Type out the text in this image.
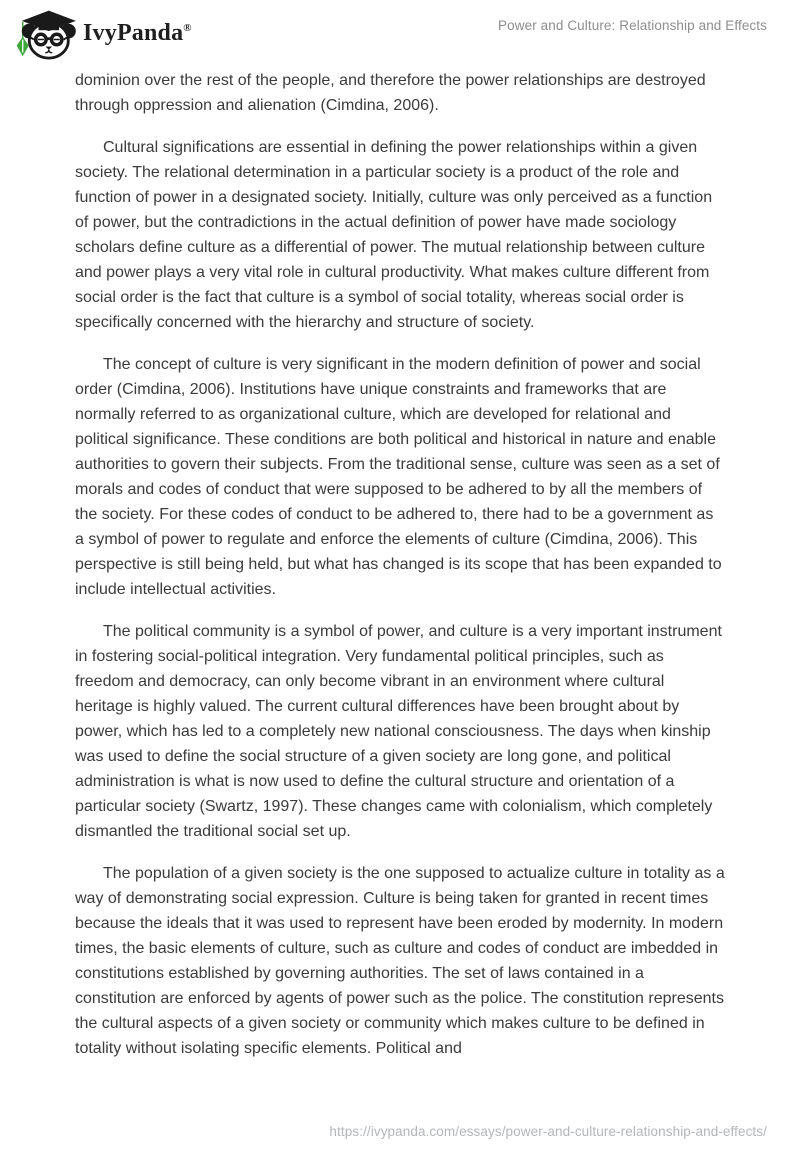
IvyPanda®	Power and Culture: Relationship and Effects

dominion over the rest of the people, and therefore the power relationships are destroyed through oppression and alienation (Cimdina, 2006).

Cultural significations are essential in defining the power relationships within a given society. The relational determination in a particular society is a product of the role and function of power in a designated society. Initially, culture was only perceived as a function of power, but the contradictions in the actual definition of power have made sociology scholars define culture as a differential of power. The mutual relationship between culture and power plays a very vital role in cultural productivity. What makes culture different from social order is the fact that culture is a symbol of social totality, whereas social order is specifically concerned with the hierarchy and structure of society.

The concept of culture is very significant in the modern definition of power and social order (Cimdina, 2006). Institutions have unique constraints and frameworks that are normally referred to as organizational culture, which are developed for relational and political significance. These conditions are both political and historical in nature and enable authorities to govern their subjects. From the traditional sense, culture was seen as a set of morals and codes of conduct that were supposed to be adhered to by all the members of the society. For these codes of conduct to be adhered to, there had to be a government as a symbol of power to regulate and enforce the elements of culture (Cimdina, 2006). This perspective is still being held, but what has changed is its scope that has been expanded to include intellectual activities.

The political community is a symbol of power, and culture is a very important instrument in fostering social-political integration. Very fundamental political principles, such as freedom and democracy, can only become vibrant in an environment where cultural heritage is highly valued. The current cultural differences have been brought about by power, which has led to a completely new national consciousness. The days when kinship was used to define the social structure of a given society are long gone, and political administration is what is now used to define the cultural structure and orientation of a particular society (Swartz, 1997). These changes came with colonialism, which completely dismantled the traditional social set up.

The population of a given society is the one supposed to actualize culture in totality as a way of demonstrating social expression. Culture is being taken for granted in recent times because the ideals that it was used to represent have been eroded by modernity. In modern times, the basic elements of culture, such as culture and codes of conduct are imbedded in constitutions established by governing authorities. The set of laws contained in a constitution are enforced by agents of power such as the police. The constitution represents the cultural aspects of a given society or community which makes culture to be defined in totality without isolating specific elements. Political and

https://ivypanda.com/essays/power-and-culture-relationship-and-effects/
